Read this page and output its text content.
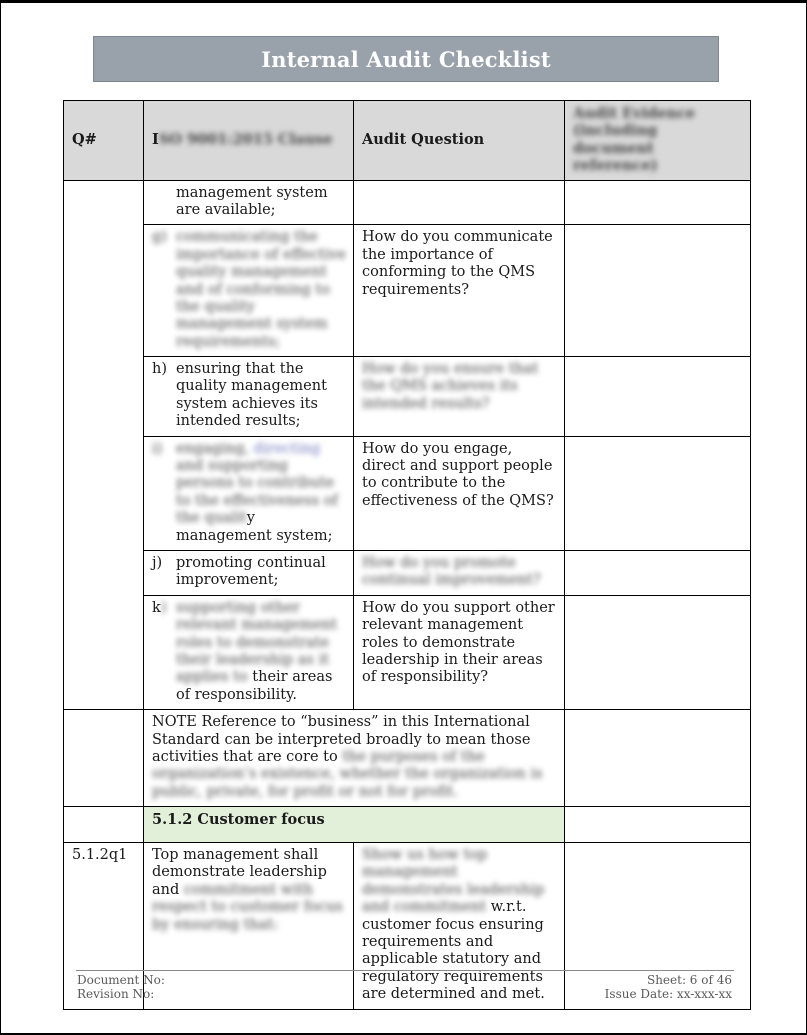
Internal Audit Checklist

Q#	ISO 9001:2015 Clause	Audit Question	Audit Evidence (including document reference)

	management system are available;		

	g) communicating the importance of effective quality management and of conforming to the quality management system requirements;	How do you communicate the importance of conforming to the QMS requirements?	

	h) ensuring that the quality management system achieves its intended results;	How do you ensure that the QMS achieves its intended results?	

	i) engaging, directing and supporting persons to contribute to the effectiveness of the quality management system;	How do you engage, direct and support people to contribute to the effectiveness of the QMS?	

	j) promoting continual improvement;	How do you promote continual improvement?	

	k) supporting other relevant management roles to demonstrate their leadership as it applies to their areas of responsibility.	How do you support other relevant management roles to demonstrate leadership in their areas of responsibility?	

	NOTE Reference to “business” in this International Standard can be interpreted broadly to mean those activities that are core to the purposes of the organization’s existence, whether the organization is public, private, for profit or not for profit.		

	5.1.2 Customer focus		

5.1.2q1	Top management shall demonstrate leadership and commitment with respect to customer focus by ensuring that:	Show us how top management demonstrates leadership and commitment w.r.t. customer focus ensuring requirements and applicable statutory and regulatory requirements are determined and met.	

Document No:
Revision No:
Sheet: 6 of 46
Issue Date: xx-xxx-xx
